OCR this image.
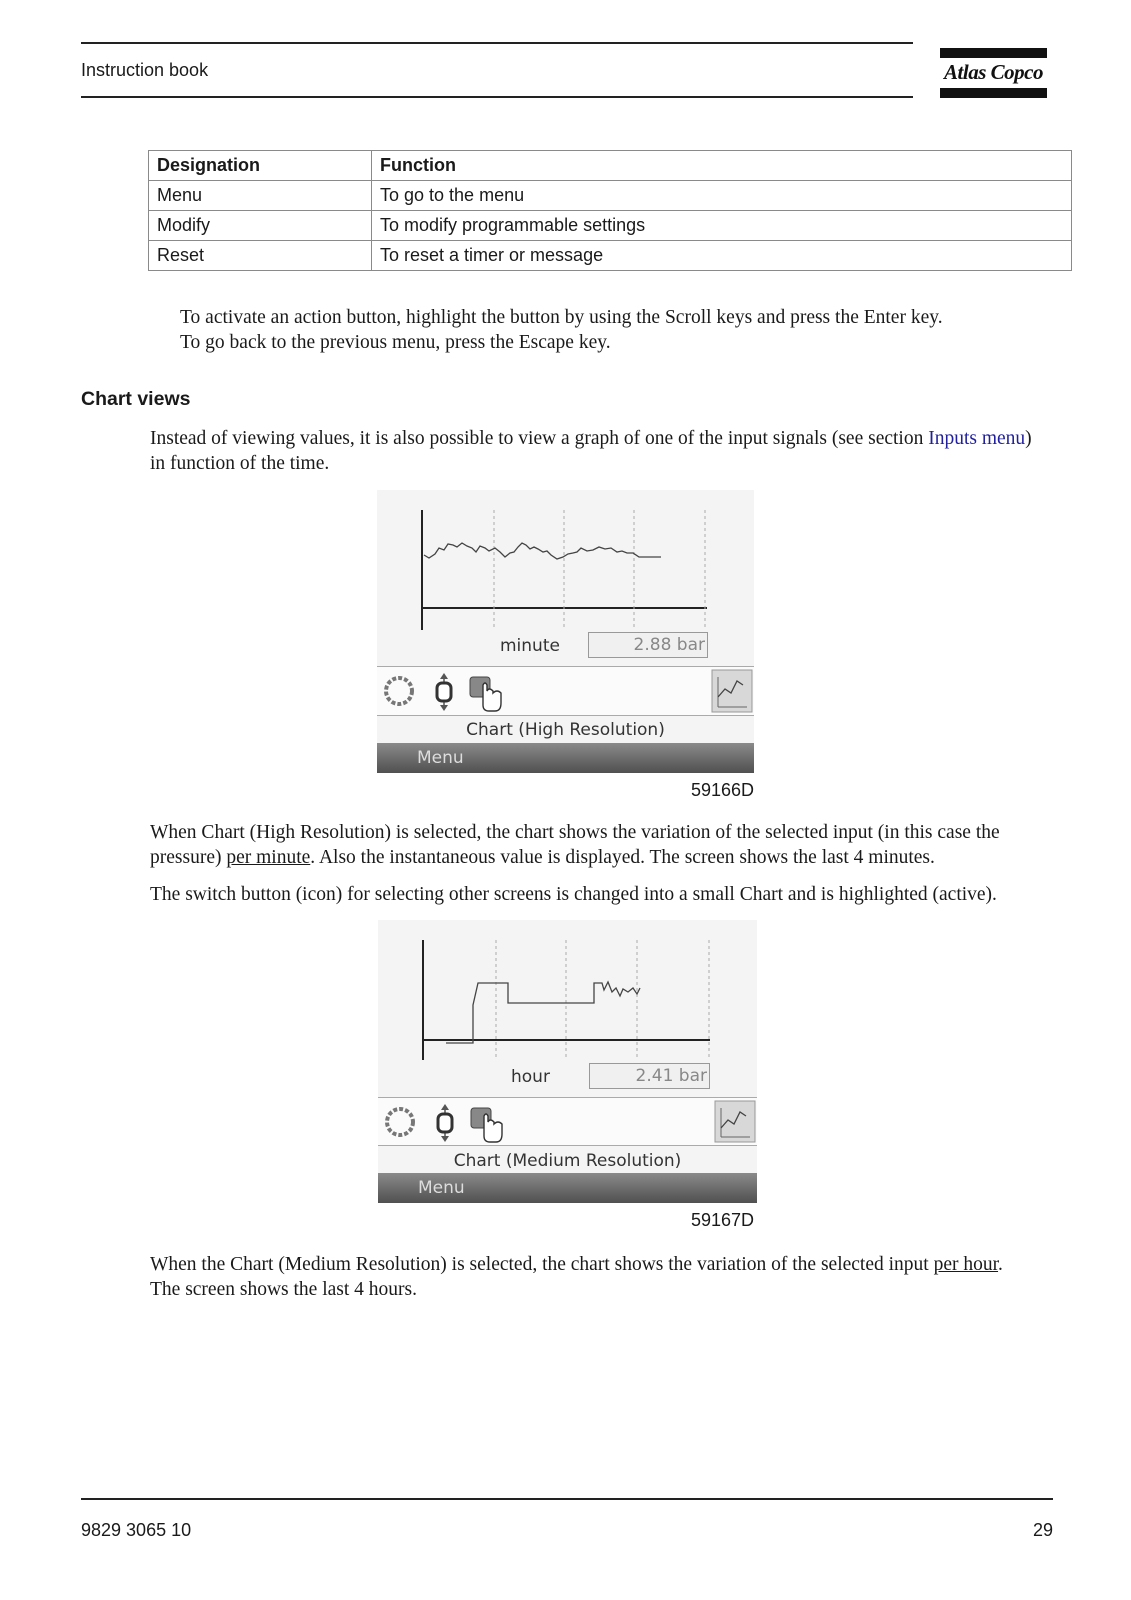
Instruction book	Atlas Copco
Designation	Function
Menu	To go to the menu
Modify	To modify programmable settings
Reset	To reset a timer or message
To activate an action button, highlight the button by using the Scroll keys and press the Enter key.
To go back to the previous menu, press the Escape key.
Chart views
Instead of viewing values, it is also possible to view a graph of one of the input signals (see section Inputs menu) in function of the time.
minute	2.88 bar
Chart (High Resolution)
Menu
59166D
When Chart (High Resolution) is selected, the chart shows the variation of the selected input (in this case the pressure) per minute. Also the instantaneous value is displayed. The screen shows the last 4 minutes.
The switch button (icon) for selecting other screens is changed into a small Chart and is highlighted (active).
hour	2.41 bar
Chart (Medium Resolution)
Menu
59167D
When the Chart (Medium Resolution) is selected, the chart shows the variation of the selected input per hour. The screen shows the last 4 hours.
9829 3065 10	29
